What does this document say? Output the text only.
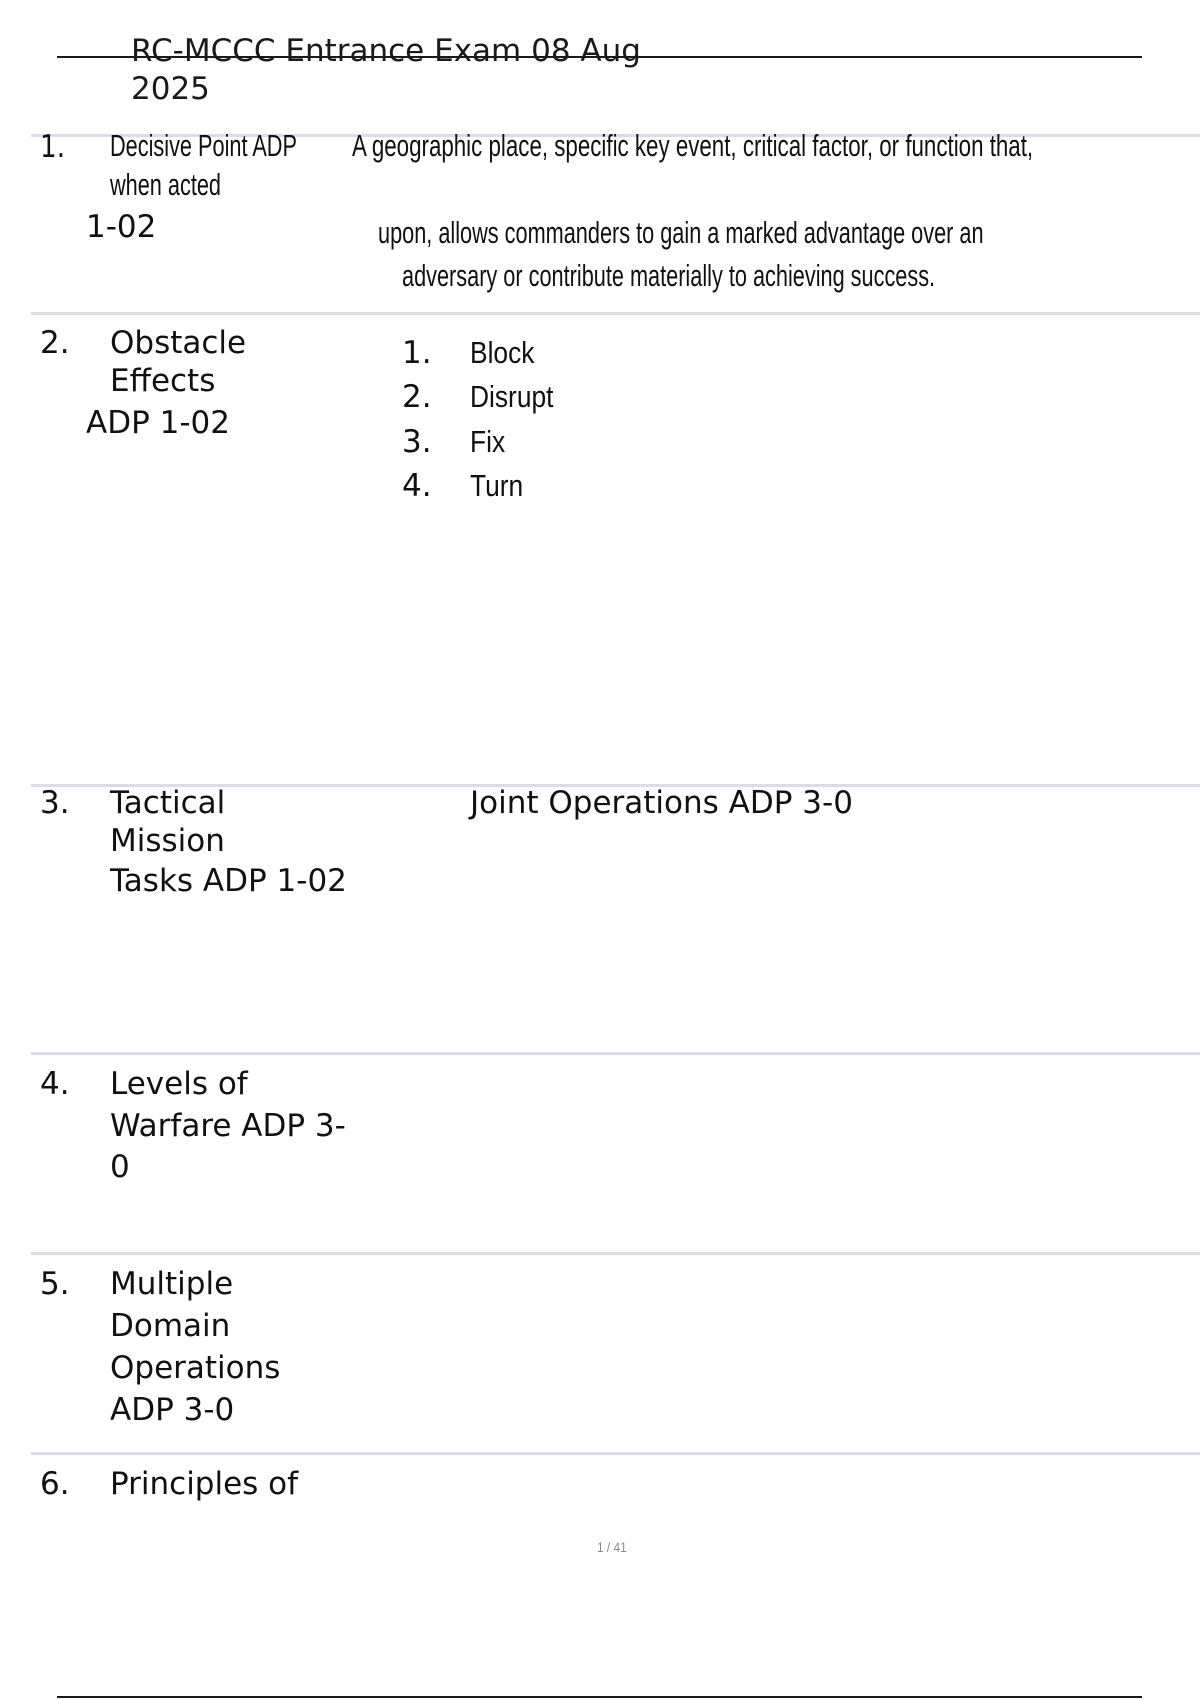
RC-MCCC Entrance Exam 08 Aug
2025
1. Decisive Point ADP A geographic place, specific key event, critical factor, or function that,
when acted
1-02	upon, allows commanders to gain a marked advantage over an
adversary or contribute materially to achieving success.
2. Obstacle
Effects
ADP 1-02
1. Block
2. Disrupt
3. Fix
4. Turn
3. Tactical
Mission
Tasks ADP 1-02
Joint Operations ADP 3-0
4. Levels of
Warfare ADP 3-
0
5. Multiple
Domain
Operations
ADP 3-0
6. Principles of
1 / 41
